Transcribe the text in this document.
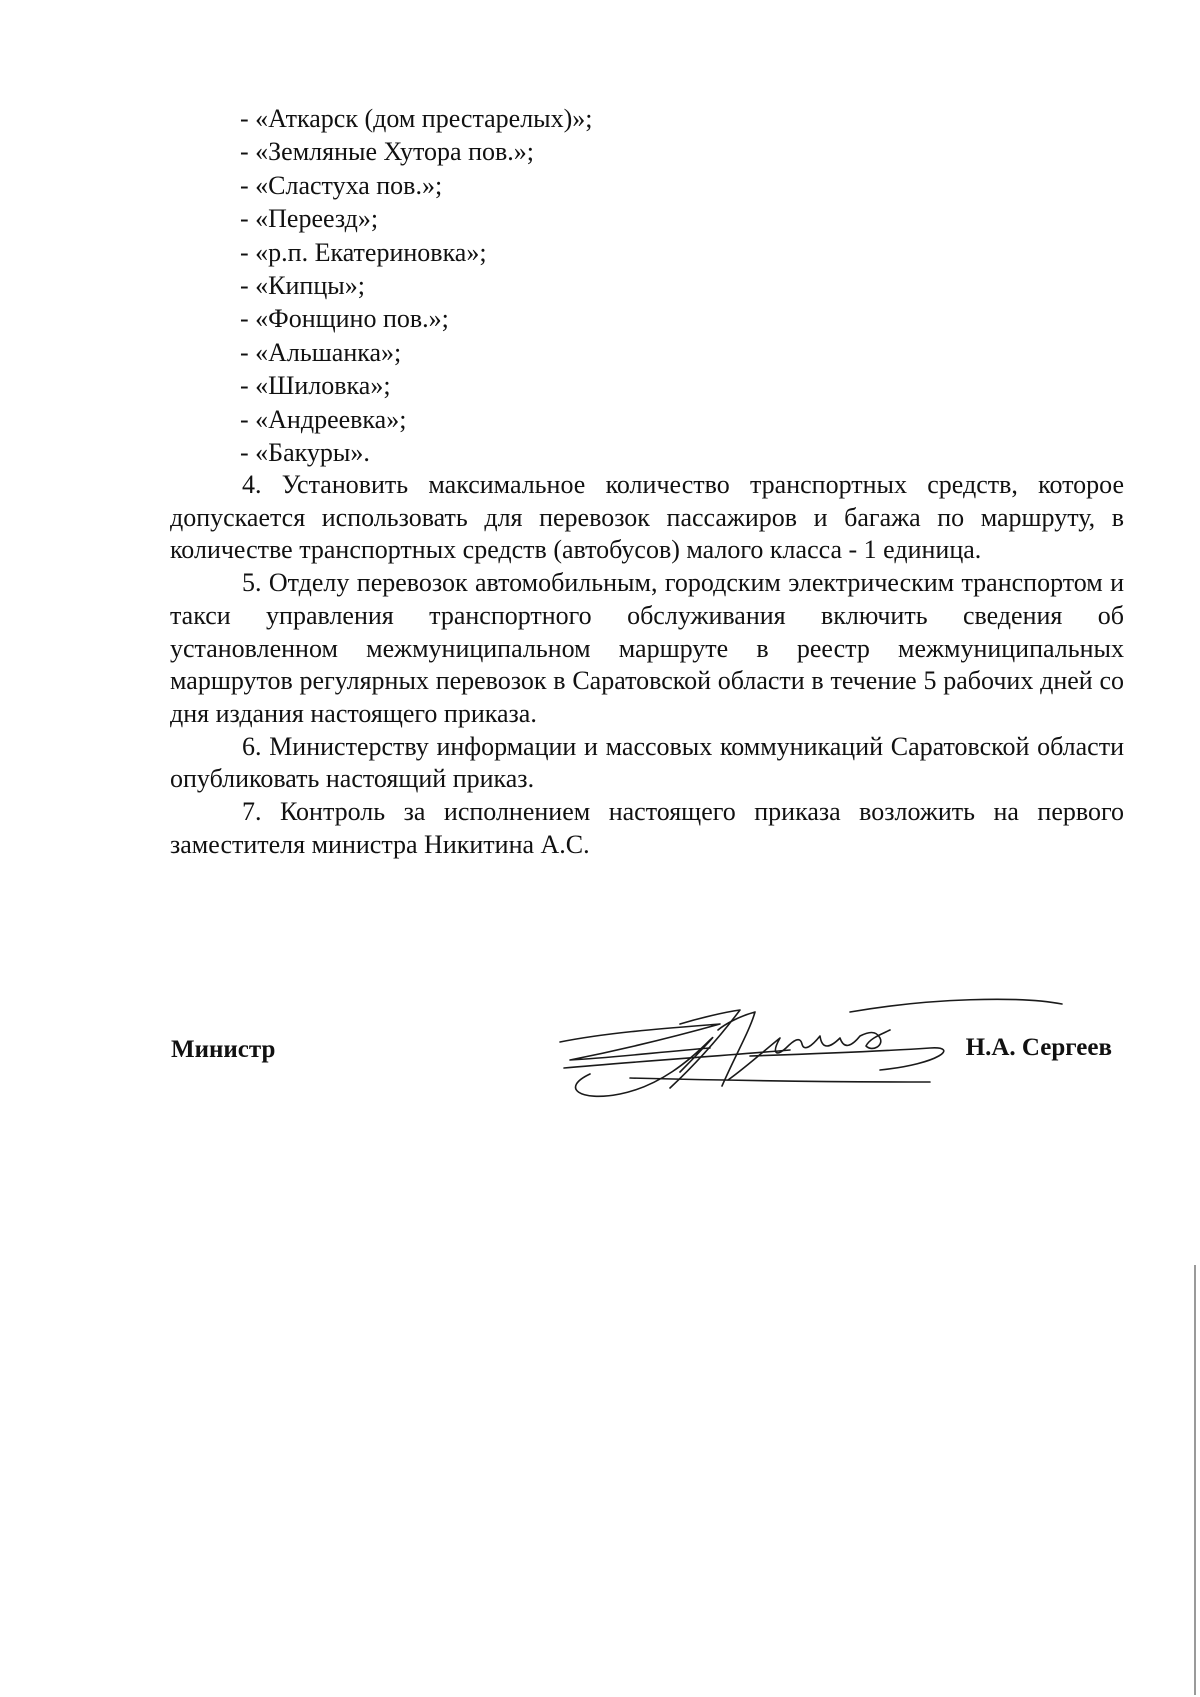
- «Аткарск (дом престарелых)»;
- «Земляные Хутора пов.»;
- «Сластуха пов.»;
- «Переезд»;
- «р.п. Екатериновка»;
- «Кипцы»;
- «Фонщино пов.»;
- «Альшанка»;
- «Шиловка»;
- «Андреевка»;
- «Бакуры».

4. Установить максимальное количество транспортных средств, которое допускается использовать для перевозок пассажиров и багажа по маршруту, в количестве транспортных средств (автобусов) малого класса - 1 единица.

5. Отделу перевозок автомобильным, городским электрическим транспортом и такси управления транспортного обслуживания включить сведения об установленном межмуниципальном маршруте в реестр межмуниципальных маршрутов регулярных перевозок в Саратовской области в течение 5 рабочих дней со дня издания настоящего приказа.

6. Министерству информации и массовых коммуникаций Саратовской области опубликовать настоящий приказ.

7. Контроль за исполнением настоящего приказа возложить на первого заместителя министра Никитина А.С.

Министр	Н.А. Сергеев
